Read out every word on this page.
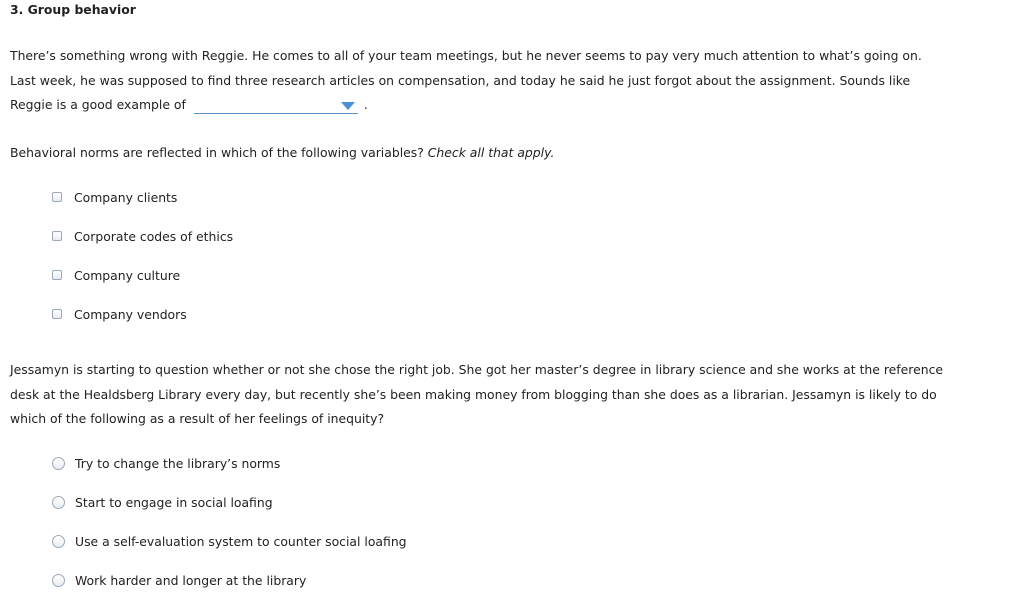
3. Group behavior
There’s something wrong with Reggie. He comes to all of your team meetings, but he never seems to pay very much attention to what’s going on. Last week, he was supposed to find three research articles on compensation, and today he said he just forgot about the assignment. Sounds like Reggie is a good example of	.
Behavioral norms are reflected in which of the following variables? Check all that apply.
Company clients
Corporate codes of ethics
Company culture
Company vendors
Jessamyn is starting to question whether or not she chose the right job. She got her master’s degree in library science and she works at the reference desk at the Healdsberg Library every day, but recently she’s been making money from blogging than she does as a librarian. Jessamyn is likely to do which of the following as a result of her feelings of inequity?
Try to change the library’s norms
Start to engage in social loafing
Use a self-evaluation system to counter social loafing
Work harder and longer at the library
